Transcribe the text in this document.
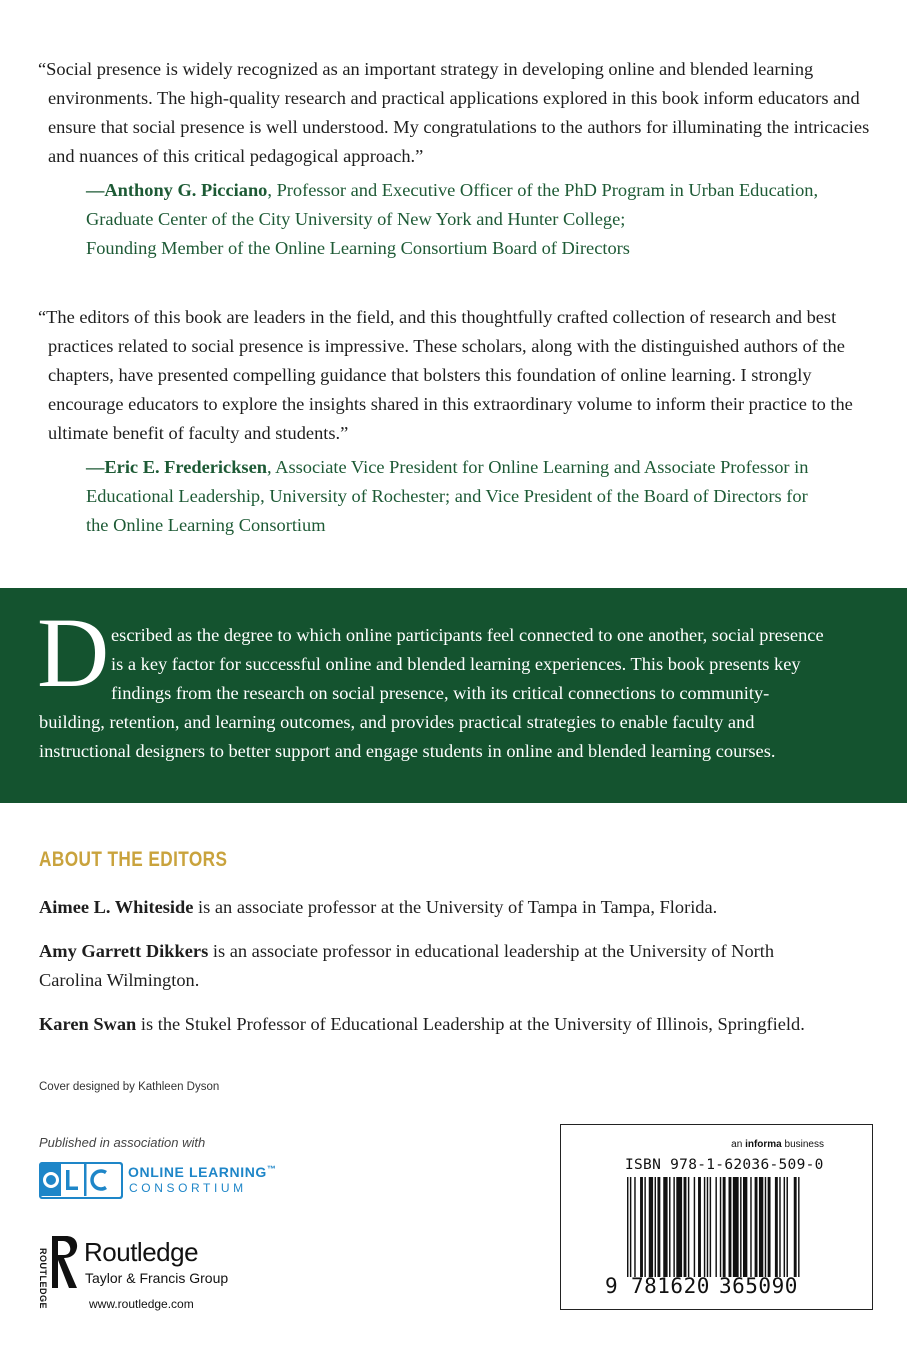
“Social presence is widely recognized as an important strategy in developing online and blended learning environments. The high-quality research and practical applications explored in this book inform educators and ensure that social presence is well understood. My congratulations to the authors for illuminating the intricacies and nuances of this critical pedagogical approach.”

—Anthony G. Picciano, Professor and Executive Officer of the PhD Program in Urban Education,
Graduate Center of the City University of New York and Hunter College;
Founding Member of the Online Learning Consortium Board of Directors

“The editors of this book are leaders in the field, and this thoughtfully crafted collection of research and best practices related to social presence is impressive. These scholars, along with the distinguished authors of the chapters, have presented compelling guidance that bolsters this foundation of online learning. I strongly encourage educators to explore the insights shared in this extraordinary volume to inform their practice to the ultimate benefit of faculty and students.”

—Eric E. Fredericksen, Associate Vice President for Online Learning and Associate Professor in
Educational Leadership, University of Rochester; and Vice President of the Board of Directors for
the Online Learning Consortium
D escribed as the degree to which online participants feel connected to one another, social presence
is a key factor for successful online and blended learning experiences. This book presents key
findings from the research on social presence, with its critical connections to community-
building, retention, and learning outcomes, and provides practical strategies to enable faculty and
instructional designers to better support and engage students in online and blended learning courses.
ABOUT THE EDITORS

Aimee L. Whiteside is an associate professor at the University of Tampa in Tampa, Florida.

Amy Garrett Dikkers is an associate professor in educational leadership at the University of North Carolina Wilmington.

Karen Swan is the Stukel Professor of Educational Leadership at the University of Illinois, Springfield.

Cover designed by Kathleen Dyson
Published in association with
ONLINE LEARNING™
CONSORTIUM
ROUTLEDGE Routledge
Taylor & Francis Group
www.routledge.com
an informa business
ISBN 978-1-62036-509-0
9 781620 365090
